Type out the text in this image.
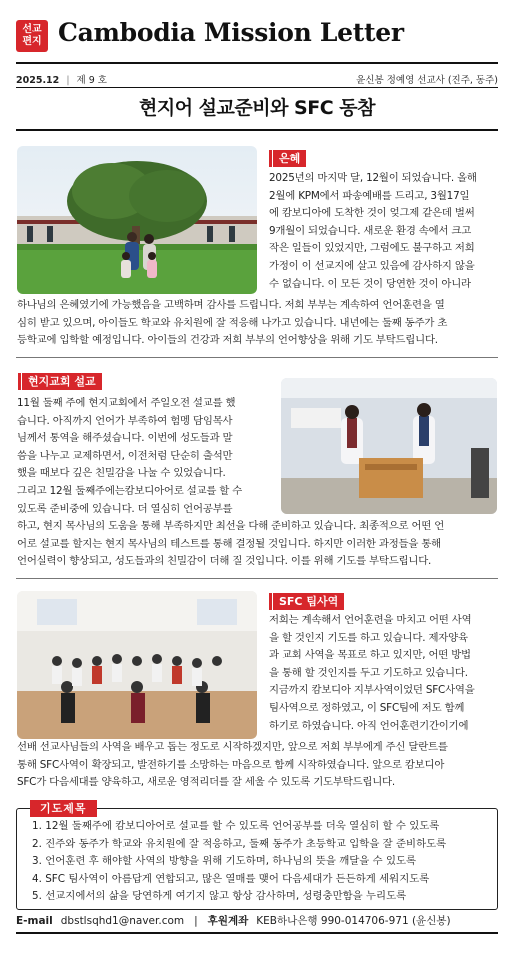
선교
편지 Cambodia Mission Letter
2025.12 | 제 9 호	윤신봉 정예영 선교사 (진주, 동주)
현지어 설교준비와 SFC 동참
은혜
2025년의 마지막 달, 12월이 되었습니다. 올해
2월에 KPM에서 파송예배를 드리고, 3월17일
에 캄보디아에 도착한 것이 엊그제 같은데 벌써
9개월이 되었습니다. 새로운 환경 속에서 크고
작은 일들이 있었지만, 그럼에도 불구하고 저희
가정이 이 선교지에 살고 있음에 감사하지 않을
수 없습니다. 이 모든 것이 당연한 것이 아니라
하나님의 은혜였기에 가능했음을 고백하며 감사를 드립니다. 저희 부부는 계속하여 언어훈련을 열
심히 받고 있으며, 아이들도 학교와 유치원에 잘 적응해 나가고 있습니다. 내년에는 둘째 동주가 초
등학교에 입학할 예정입니다. 아이들의 건강과 저희 부부의 언어향상을 위해 기도 부탁드립니다.
현지교회 설교
11월 둘째 주에 현지교회에서 주일오전 설교를 했
습니다. 아직까지 언어가 부족하여 험멩 담임목사
님께서 통역을 해주셨습니다. 이번에 성도들과 말
씀을 나누고 교제하면서, 이전처럼 단순히 출석만
했을 때보다 깊은 친밀감을 나눌 수 있었습니다.
그리고 12월 둘째주에는캄보디아어로 설교를 할 수
있도록 준비중에 있습니다. 더 열심히 언어공부를
하고, 현지 목사님의 도움을 통해 부족하지만 최선을 다해 준비하고 있습니다. 최종적으로 어떤 언
어로 설교를 할지는 현지 목사님의 테스트를 통해 결정될 것입니다. 하지만 이러한 과정들을 통해
언어실력이 향상되고, 성도들과의 친밀감이 더해 질 것입니다. 이를 위해 기도를 부탁드립니다.
SFC 팀사역
저희는 계속해서 언어훈련을 마치고 어떤 사역
을 할 것인지 기도를 하고 있습니다. 제자양육
과 교회 사역을 목표로 하고 있지만, 어떤 방법
을 통해 할 것인지를 두고 기도하고 있습니다.
지금까지 캄보디아 지부사역이었던 SFC사역을
팀사역으로 정하였고, 이 SFC팀에 저도 함께
하기로 하였습니다. 아직 언어훈련기간이기에
선배 선교사님들의 사역을 배우고 돕는 정도로 시작하겠지만, 앞으로 저희 부부에게 주신 달란트를
통해 SFC사역이 확장되고, 발전하기를 소망하는 마음으로 함께 시작하였습니다. 앞으로 캄보디아
SFC가 다음세대를 양육하고, 새로운 영적리더를 잘 세울 수 있도록 기도부탁드립니다.
기도제목
1. 12월 둘째주에 캄보디아어로 설교를 할 수 있도록 언어공부를 더욱 열심히 할 수 있도록
2. 진주와 동주가 학교와 유치원에 잘 적응하고, 둘째 동주가 초등학교 입학을 잘 준비하도록
3. 언어훈련 후 해야할 사역의 방향을 위해 기도하며, 하나님의 뜻을 깨달을 수 있도록
4. SFC 팀사역이 아름답게 연합되고, 많은 열매를 맺어 다음세대가 든든하게 세워지도록
5. 선교지에서의 삶을 당연하게 여기지 않고 항상 감사하며, 성령충만함을 누리도록
E-mail dbstlsqhd1@naver.com | 후원계좌 KEB하나은행 990-014706-971 (윤신봉)
